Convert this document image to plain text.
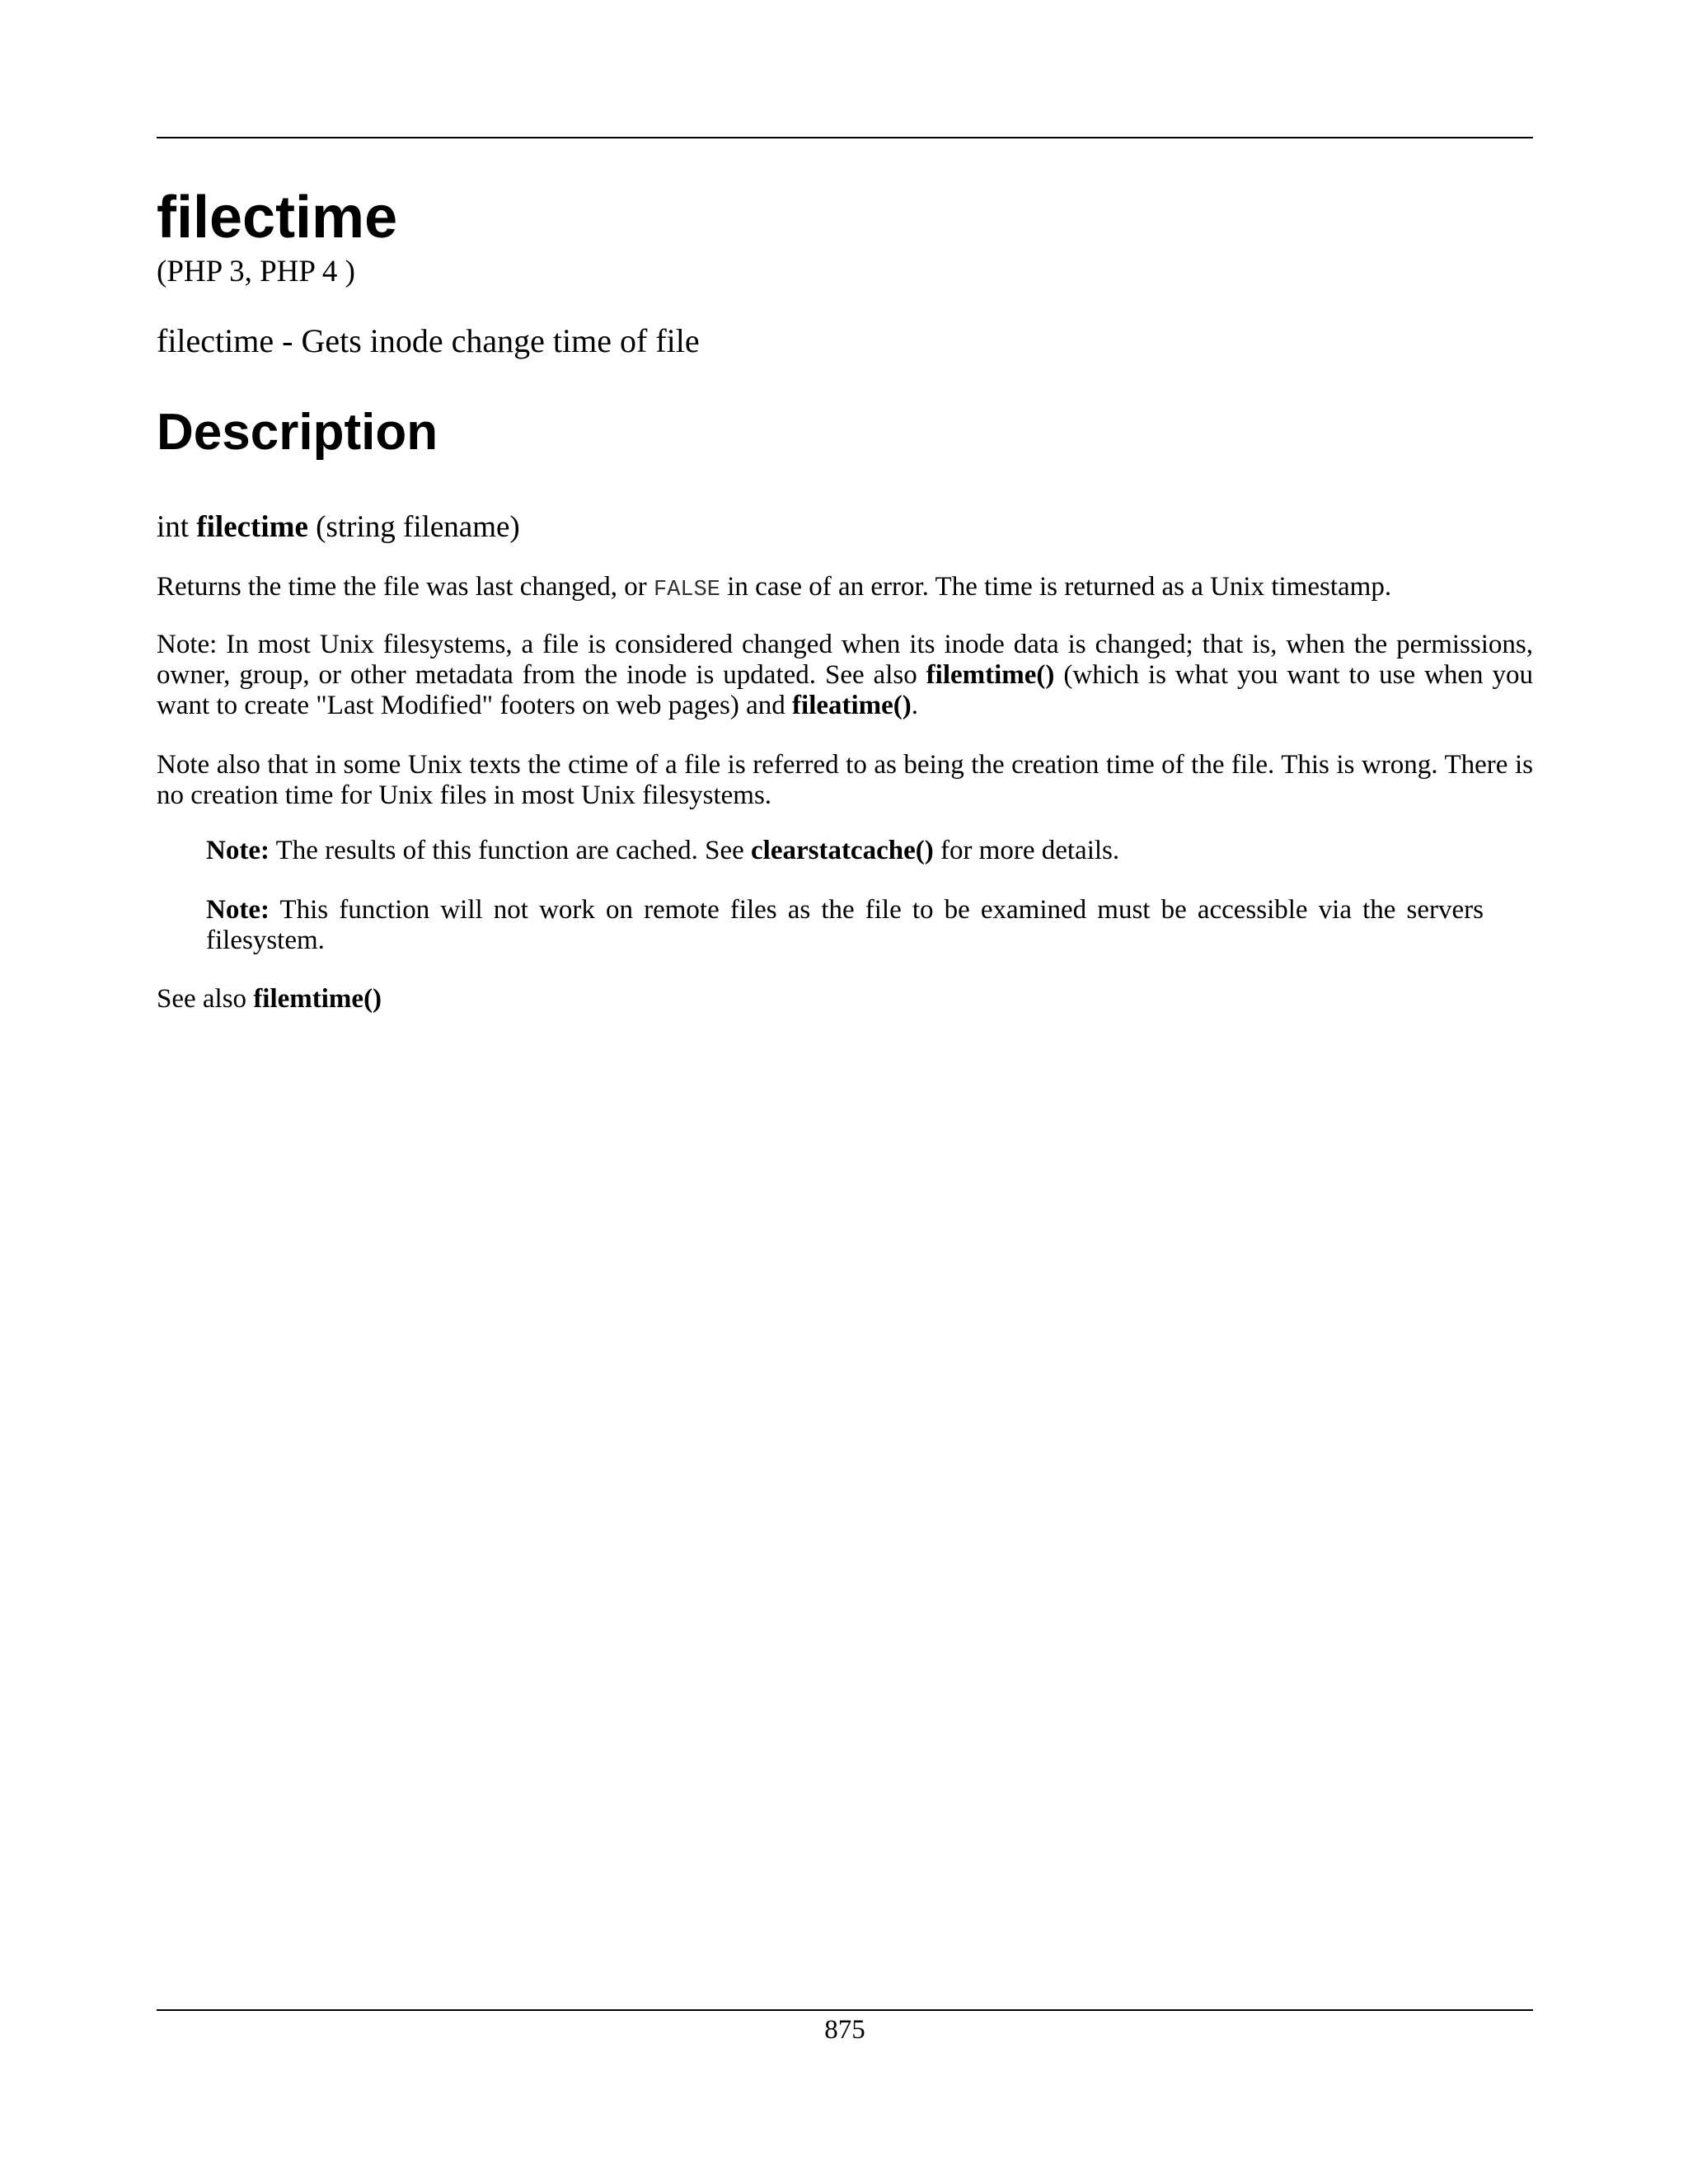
filectime
(PHP 3, PHP 4 )
filectime - Gets inode change time of file
Description
int filectime (string filename)

Returns the time the file was last changed, or FALSE in case of an error. The time is returned as a Unix timestamp.

Note: In most Unix filesystems, a file is considered changed when its inode data is changed; that is, when the permissions, owner, group, or other metadata from the inode is updated. See also filemtime() (which is what you want to use when you want to create "Last Modified" footers on web pages) and fileatime().

Note also that in some Unix texts the ctime of a file is referred to as being the creation time of the file. This is wrong. There is no creation time for Unix files in most Unix filesystems.

Note: The results of this function are cached. See clearstatcache() for more details.

Note: This function will not work on remote files as the file to be examined must be accessible via the servers filesystem.

See also filemtime()

875
